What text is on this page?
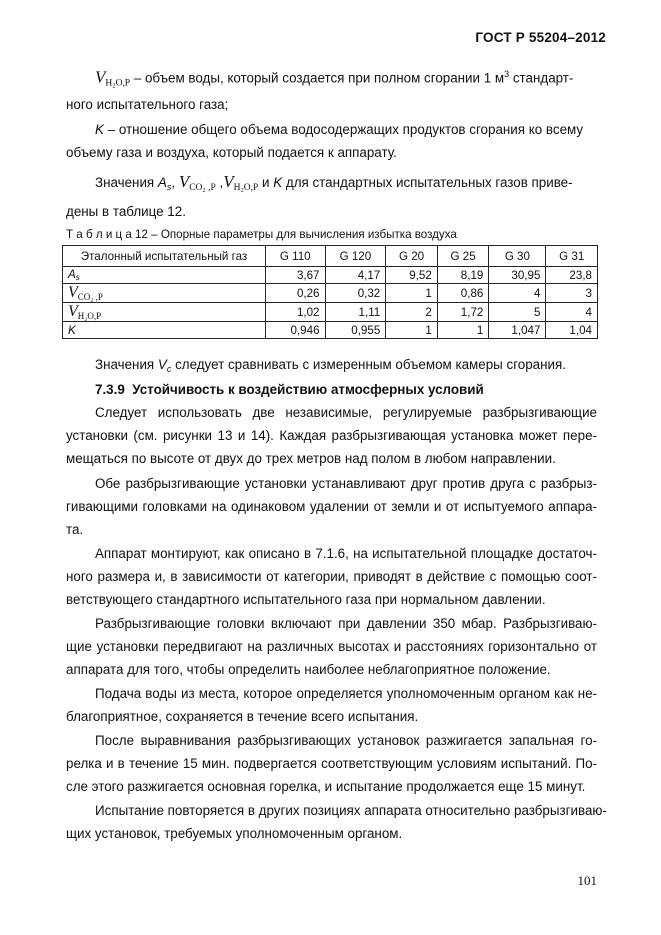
ГОСТ Р 55204–2012
$V_{H_2O,P}$ – объем воды, который создается при полном сгорании 1 $м^3$ стандарт-
ного испытательного газа;
K – отношение общего объема водосодержащих продуктов сгорания ко всему
объему газа и воздуха, который подается к аппарату.
Значения $A_s$, $V_{CO_2 ,P}$ $,V_{H_2O,P}$ и K для стандартных испытательных газов приве-
дены в таблице 12.
Т а б л и ц а 12 – Опорные параметры для вычисления избытка воздуха
Эталонный испытательный газ	G 110	G 120	G 20	G 25	G 30	G 31
As	3,67	4,17	9,52	8,19	30,95	23,8
$V_{CO_2 ,P}$	0,26	0,32	1	0,86	4	3
$V_{H_2O,P}$	1,02	1,11	2	1,72	5	4
K	0,946	0,955	1	1	1,047	1,04
Значения $V_c$ следует сравнивать с измеренным объемом камеры сгорания.
7.3.9 Устойчивость к воздействию атмосферных условий
Следует использовать две независимые, регулируемые разбрызгивающие
установки (см. рисунки 13 и 14). Каждая разбрызгивающая установка может пере-
мещаться по высоте от двух до трех метров над полом в любом направлении.
Обе разбрызгивающие установки устанавливают друг против друга с разбрыз-
гивающими головками на одинаковом удалении от земли и от испытуемого аппара-
та.
Аппарат монтируют, как описано в 7.1.6, на испытательной площадке достаточ-
ного размера и, в зависимости от категории, приводят в действие с помощью соот-
ветствующего стандартного испытательного газа при нормальном давлении.
Разбрызгивающие головки включают при давлении 350 мбар. Разбрызгиваю-
щие установки передвигают на различных высотах и расстояниях горизонтально от
аппарата для того, чтобы определить наиболее неблагоприятное положение.
Подача воды из места, которое определяется уполномоченным органом как не-
благоприятное, сохраняется в течение всего испытания.
После выравнивания разбрызгивающих установок разжигается запальная го-
релка и в течение 15 мин. подвергается соответствующим условиям испытаний. По-
сле этого разжигается основная горелка, и испытание продолжается еще 15 минут.
Испытание повторяется в других позициях аппарата относительно разбрызгиваю-
щих установок, требуемых уполномоченным органом.
101
